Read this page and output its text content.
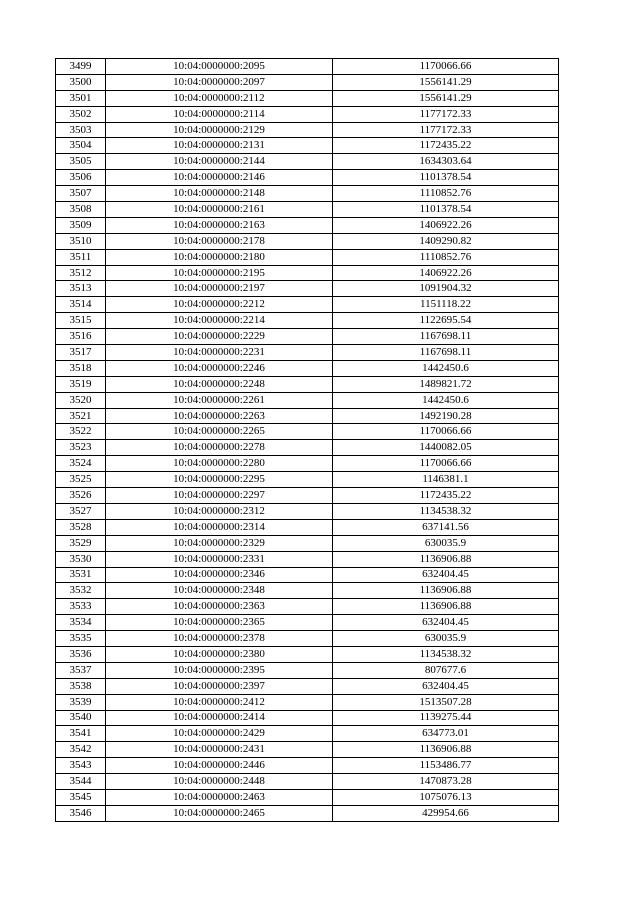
3499	10:04:0000000:2095	1170066.66
3500	10:04:0000000:2097	1556141.29
3501	10:04:0000000:2112	1556141.29
3502	10:04:0000000:2114	1177172.33
3503	10:04:0000000:2129	1177172.33
3504	10:04:0000000:2131	1172435.22
3505	10:04:0000000:2144	1634303.64
3506	10:04:0000000:2146	1101378.54
3507	10:04:0000000:2148	1110852.76
3508	10:04:0000000:2161	1101378.54
3509	10:04:0000000:2163	1406922.26
3510	10:04:0000000:2178	1409290.82
3511	10:04:0000000:2180	1110852.76
3512	10:04:0000000:2195	1406922.26
3513	10:04:0000000:2197	1091904.32
3514	10:04:0000000:2212	1151118.22
3515	10:04:0000000:2214	1122695.54
3516	10:04:0000000:2229	1167698.11
3517	10:04:0000000:2231	1167698.11
3518	10:04:0000000:2246	1442450.6
3519	10:04:0000000:2248	1489821.72
3520	10:04:0000000:2261	1442450.6
3521	10:04:0000000:2263	1492190.28
3522	10:04:0000000:2265	1170066.66
3523	10:04:0000000:2278	1440082.05
3524	10:04:0000000:2280	1170066.66
3525	10:04:0000000:2295	1146381.1
3526	10:04:0000000:2297	1172435.22
3527	10:04:0000000:2312	1134538.32
3528	10:04:0000000:2314	637141.56
3529	10:04:0000000:2329	630035.9
3530	10:04:0000000:2331	1136906.88
3531	10:04:0000000:2346	632404.45
3532	10:04:0000000:2348	1136906.88
3533	10:04:0000000:2363	1136906.88
3534	10:04:0000000:2365	632404.45
3535	10:04:0000000:2378	630035.9
3536	10:04:0000000:2380	1134538.32
3537	10:04:0000000:2395	807677.6
3538	10:04:0000000:2397	632404.45
3539	10:04:0000000:2412	1513507.28
3540	10:04:0000000:2414	1139275.44
3541	10:04:0000000:2429	634773.01
3542	10:04:0000000:2431	1136906.88
3543	10:04:0000000:2446	1153486.77
3544	10:04:0000000:2448	1470873.28
3545	10:04:0000000:2463	1075076.13
3546	10:04:0000000:2465	429954.66
